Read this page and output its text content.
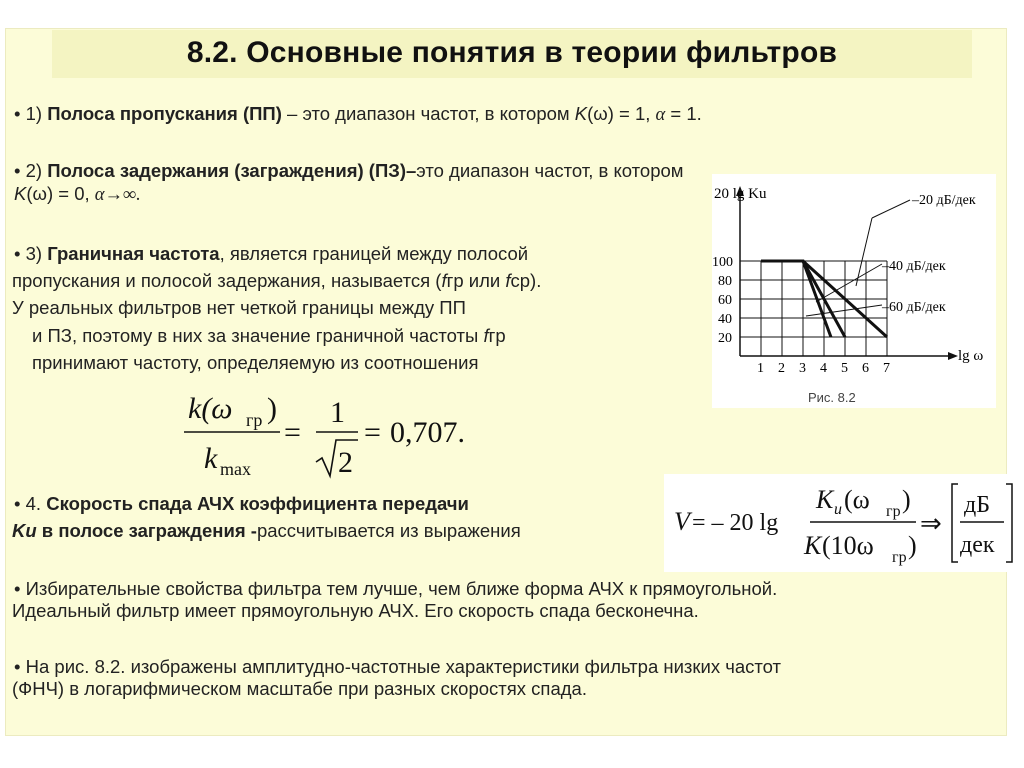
8.2. Основные понятия в теории фильтров
• 1) Полоса пропускания (ПП) – это диапазон частот, в котором K(ω) = 1, α = 1.
• 2) Полоса задержания (заграждения) (ПЗ)–это диапазон частот, в котором
K(ω) = 0, α→∞.
• 3) Граничная частота, является границей между полосой
пропускания и полосой задержания, называется (fгр или fср).
У реальных фильтров нет четкой границы между ПП
и ПЗ, поэтому в них за значение граничной частоты fгр
принимают частоту, определяемую из соотношения
k(ω гр )
k max
=
1
2
= 0,707.
• 4. Скорость спада АЧХ коэффициента передачи
Ku в полосе заграждения -рассчитывается из выражения	V = – 20 lg
K u (ω гр )
K (10ω гр )
⇒
дБ
дек
• Избирательные свойства фильтра тем лучше, чем ближе форма АЧХ к прямоугольной.
Идеальный фильтр имеет прямоугольную АЧХ. Его скорость спада бесконечна.
• На рис. 8.2. изображены амплитудно-частотные характеристики фильтра низких частот
(ФНЧ) в логарифмическом масштабе при разных скоростях спада.
1 2 3 4 5 6 7
100
80
60
40
20
20 lg Ku
lg ω
Рис. 8.2
–20 дБ/дек
–40 дБ/дек
–60 дБ/дек
